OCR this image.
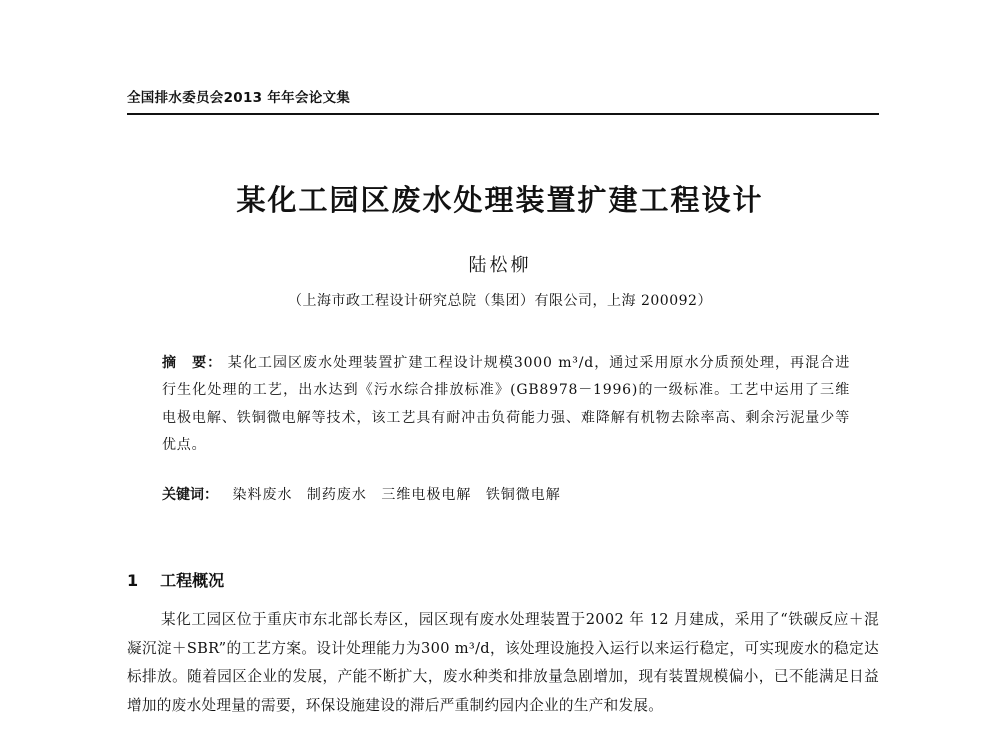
全国排水委员会2013 年年会论文集
某化工园区废水处理装置扩建工程设计
陆松柳
（上海市政工程设计研究总院（集团）有限公司，上海 200092）
摘　要： 某化工园区废水处理装置扩建工程设计规模3000 m³/d，通过采用原水分质预处理，再混合进行生化处理的工艺，出水达到《污水综合排放标准》(GB8978－1996)的一级标准。工艺中运用了三维电极电解、铁铜微电解等技术，该工艺具有耐冲击负荷能力强、难降解有机物去除率高、剩余污泥量少等优点。
关键词： 染料废水 制药废水 三维电极电解 铁铜微电解
1 工程概况
某化工园区位于重庆市东北部长寿区，园区现有废水处理装置于2002 年 12 月建成，采用了“铁碳反应＋混凝沉淀＋SBR”的工艺方案。设计处理能力为300 m³/d，该处理设施投入运行以来运行稳定，可实现废水的稳定达标排放。随着园区企业的发展，产能不断扩大，废水种类和排放量急剧增加，现有装置规模偏小，已不能满足日益增加的废水处理量的需要，环保设施建设的滞后严重制约园内企业的生产和发展。
